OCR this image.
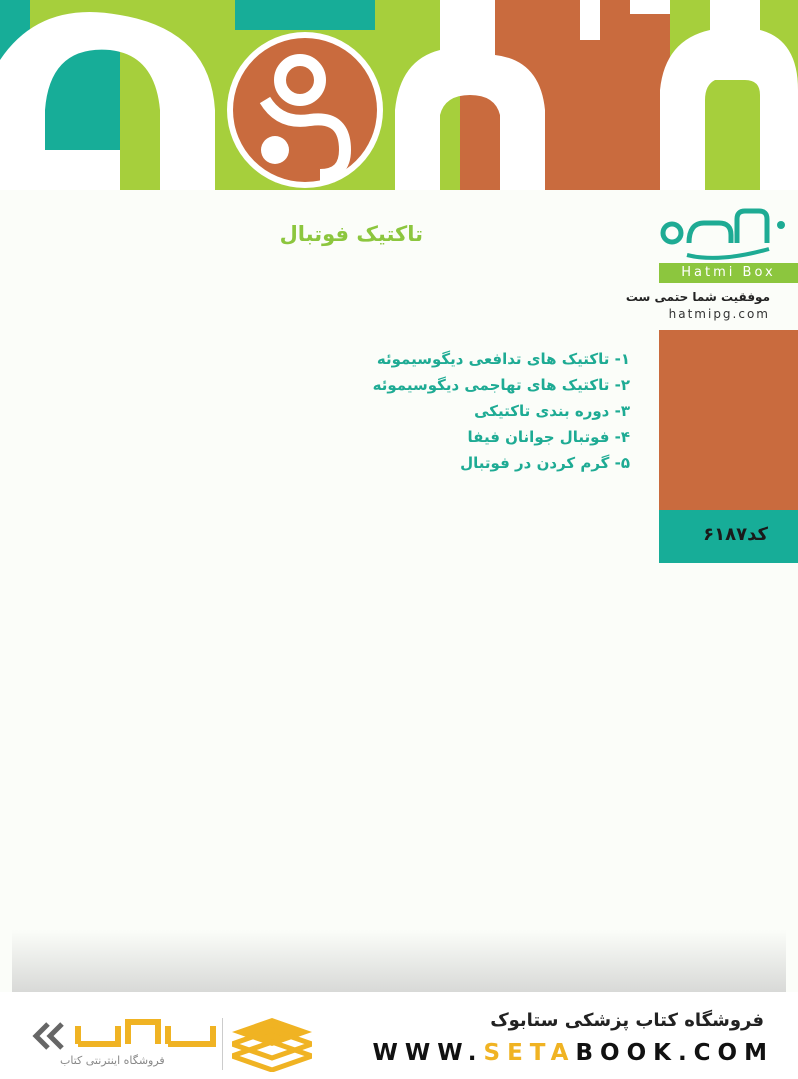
تاکتیک فوتبال
Hatmi Box
موفقیت شما حتمی ست
hatmipg.com
کد۶۱۸۷
۱- تاکتیک های تدافعی دیگوسیموئه
۲- تاکتیک های تهاجمی دیگوسیموئه
۳- دوره بندی تاکتیکی
۴- فوتبال جوانان فیفا
۵- گرم کردن در فوتبال
فروشگاه کتاب پزشکی ستابوک
WWW.SETABOOK.COM
فروشگاه اینترنتی کتاب
